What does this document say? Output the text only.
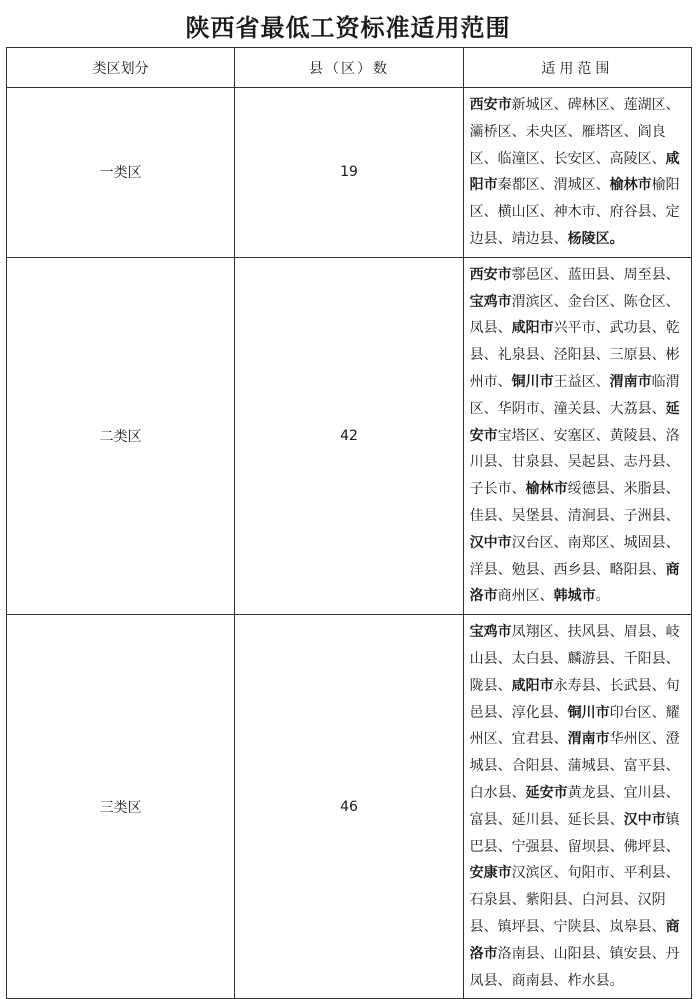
陕西省最低工资标准适用范围
类区划分	县（区）数	适用范围
一类区	19	西安市新城区、碑林区、莲湖区、灞桥区、未央区、雁塔区、阎良区、临潼区、长安区、高陵区、咸阳市秦都区、渭城区、榆林市榆阳区、横山区、神木市、府谷县、定边县、靖边县、杨陵区。
二类区	42	西安市鄠邑区、蓝田县、周至县、宝鸡市渭滨区、金台区、陈仓区、凤县、咸阳市兴平市、武功县、乾县、礼泉县、泾阳县、三原县、彬州市、铜川市王益区、渭南市临渭区、华阴市、潼关县、大荔县、延安市宝塔区、安塞区、黄陵县、洛川县、甘泉县、吴起县、志丹县、子长市、榆林市绥德县、米脂县、佳县、吴堡县、清涧县、子洲县、汉中市汉台区、南郑区、城固县、洋县、勉县、西乡县、略阳县、商洛市商州区、韩城市。
三类区	46	宝鸡市凤翔区、扶风县、眉县、岐山县、太白县、麟游县、千阳县、陇县、咸阳市永寿县、长武县、旬邑县、淳化县、铜川市印台区、耀州区、宜君县、渭南市华州区、澄城县、合阳县、蒲城县、富平县、白水县、延安市黄龙县、宜川县、富县、延川县、延长县、汉中市镇巴县、宁强县、留坝县、佛坪县、安康市汉滨区、旬阳市、平利县、石泉县、紫阳县、白河县、汉阴县、镇坪县、宁陕县、岚皋县、商洛市洛南县、山阳县、镇安县、丹凤县、商南县、柞水县。
